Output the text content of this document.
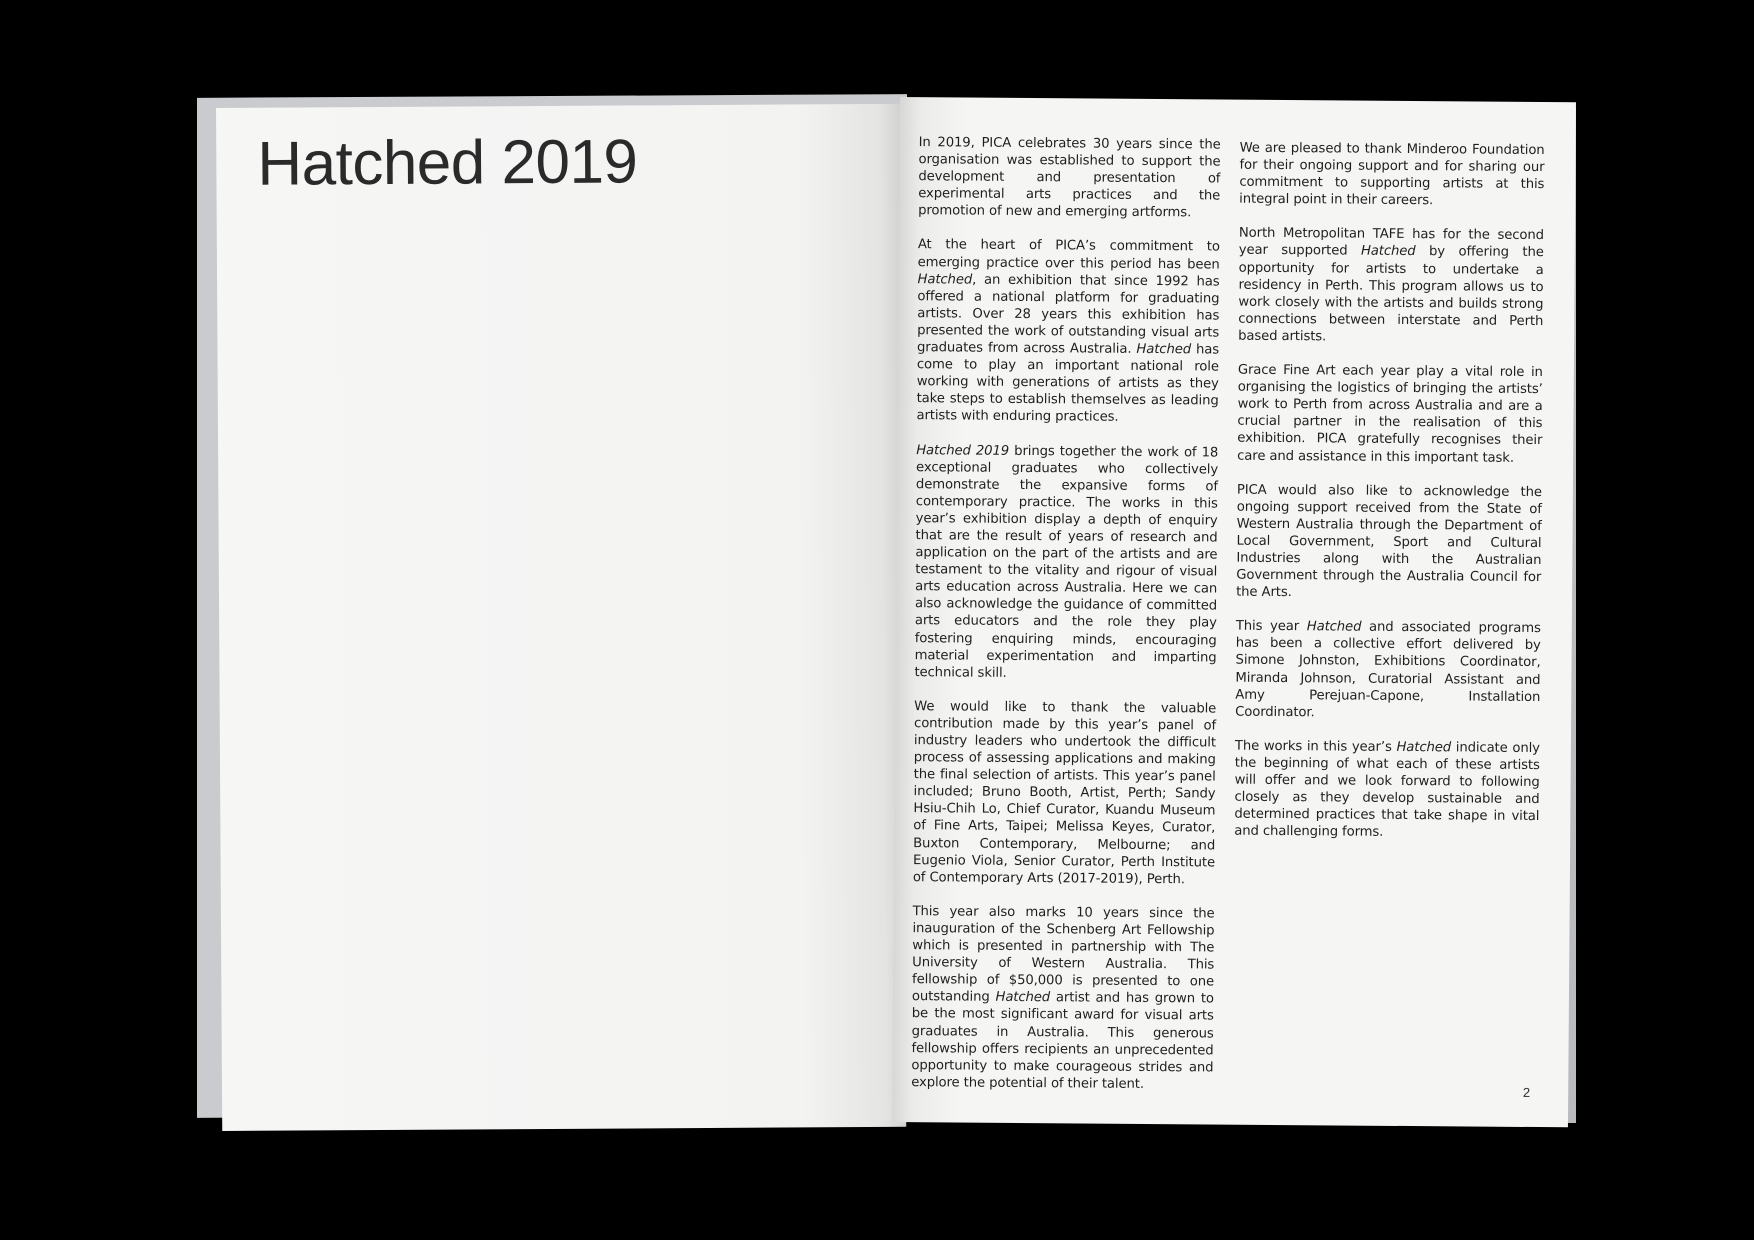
Hatched 2019	In 2019, PICA celebrates 30 years since the organisation was established to support the development and presentation of experimental arts practices and the promotion of new and emerging artforms.

At the heart of PICA’s commitment to emerging practice over this period has been Hatched, an exhibition that since 1992 has offered a national platform for graduating artists. Over 28 years this exhibition has presented the work of outstanding visual arts graduates from across Australia. Hatched has come to play an important national role working with generations of artists as they take steps to establish themselves as leading artists with enduring practices.

Hatched 2019 brings together the work of 18 exceptional graduates who collectively demonstrate the expansive forms of contemporary practice. The works in this year’s exhibition display a depth of enquiry that are the result of years of research and application on the part of the artists and are testament to the vitality and rigour of visual arts education across Australia. Here we can also acknowledge the guidance of committed arts educators and the role they play fostering enquiring minds, encouraging material experimentation and imparting technical skill.

We would like to thank the valuable contribution made by this year’s panel of industry leaders who undertook the difficult process of assessing applications and making the final selection of artists. This year’s panel included; Bruno Booth, Artist, Perth; Sandy Hsiu-Chih Lo, Chief Curator, Kuandu Museum of Fine Arts, Taipei; Melissa Keyes, Curator, Buxton Contemporary, Melbourne; and Eugenio Viola, Senior Curator, Perth Institute of Contemporary Arts (2017-2019), Perth.

This year also marks 10 years since the inauguration of the Schenberg Art Fellowship which is presented in partnership with The University of Western Australia. This fellowship of $50,000 is presented to one outstanding Hatched artist and has grown to be the most significant award for visual arts graduates in Australia. This generous fellowship offers recipients an unprecedented opportunity to make courageous strides and explore the potential of their talent.

We are pleased to thank Minderoo Foundation for their ongoing support and for sharing our commitment to supporting artists at this integral point in their careers.

North Metropolitan TAFE has for the second year supported Hatched by offering the opportunity for artists to undertake a residency in Perth. This program allows us to work closely with the artists and builds strong connections between interstate and Perth based artists.

Grace Fine Art each year play a vital role in organising the logistics of bringing the artists’ work to Perth from across Australia and are a crucial partner in the realisation of this exhibition. PICA gratefully recognises their care and assistance in this important task.

PICA would also like to acknowledge the ongoing support received from the State of Western Australia through the Department of Local Government, Sport and Cultural Industries along with the Australian Government through the Australia Council for the Arts.

This year Hatched and associated programs has been a collective effort delivered by Simone Johnston, Exhibitions Coordinator, Miranda Johnson, Curatorial Assistant and Amy Perejuan-Capone, Installation Coordinator.

The works in this year’s Hatched indicate only the beginning of what each of these artists will offer and we look forward to following closely as they develop sustainable and determined practices that take shape in vital and challenging forms.

2
